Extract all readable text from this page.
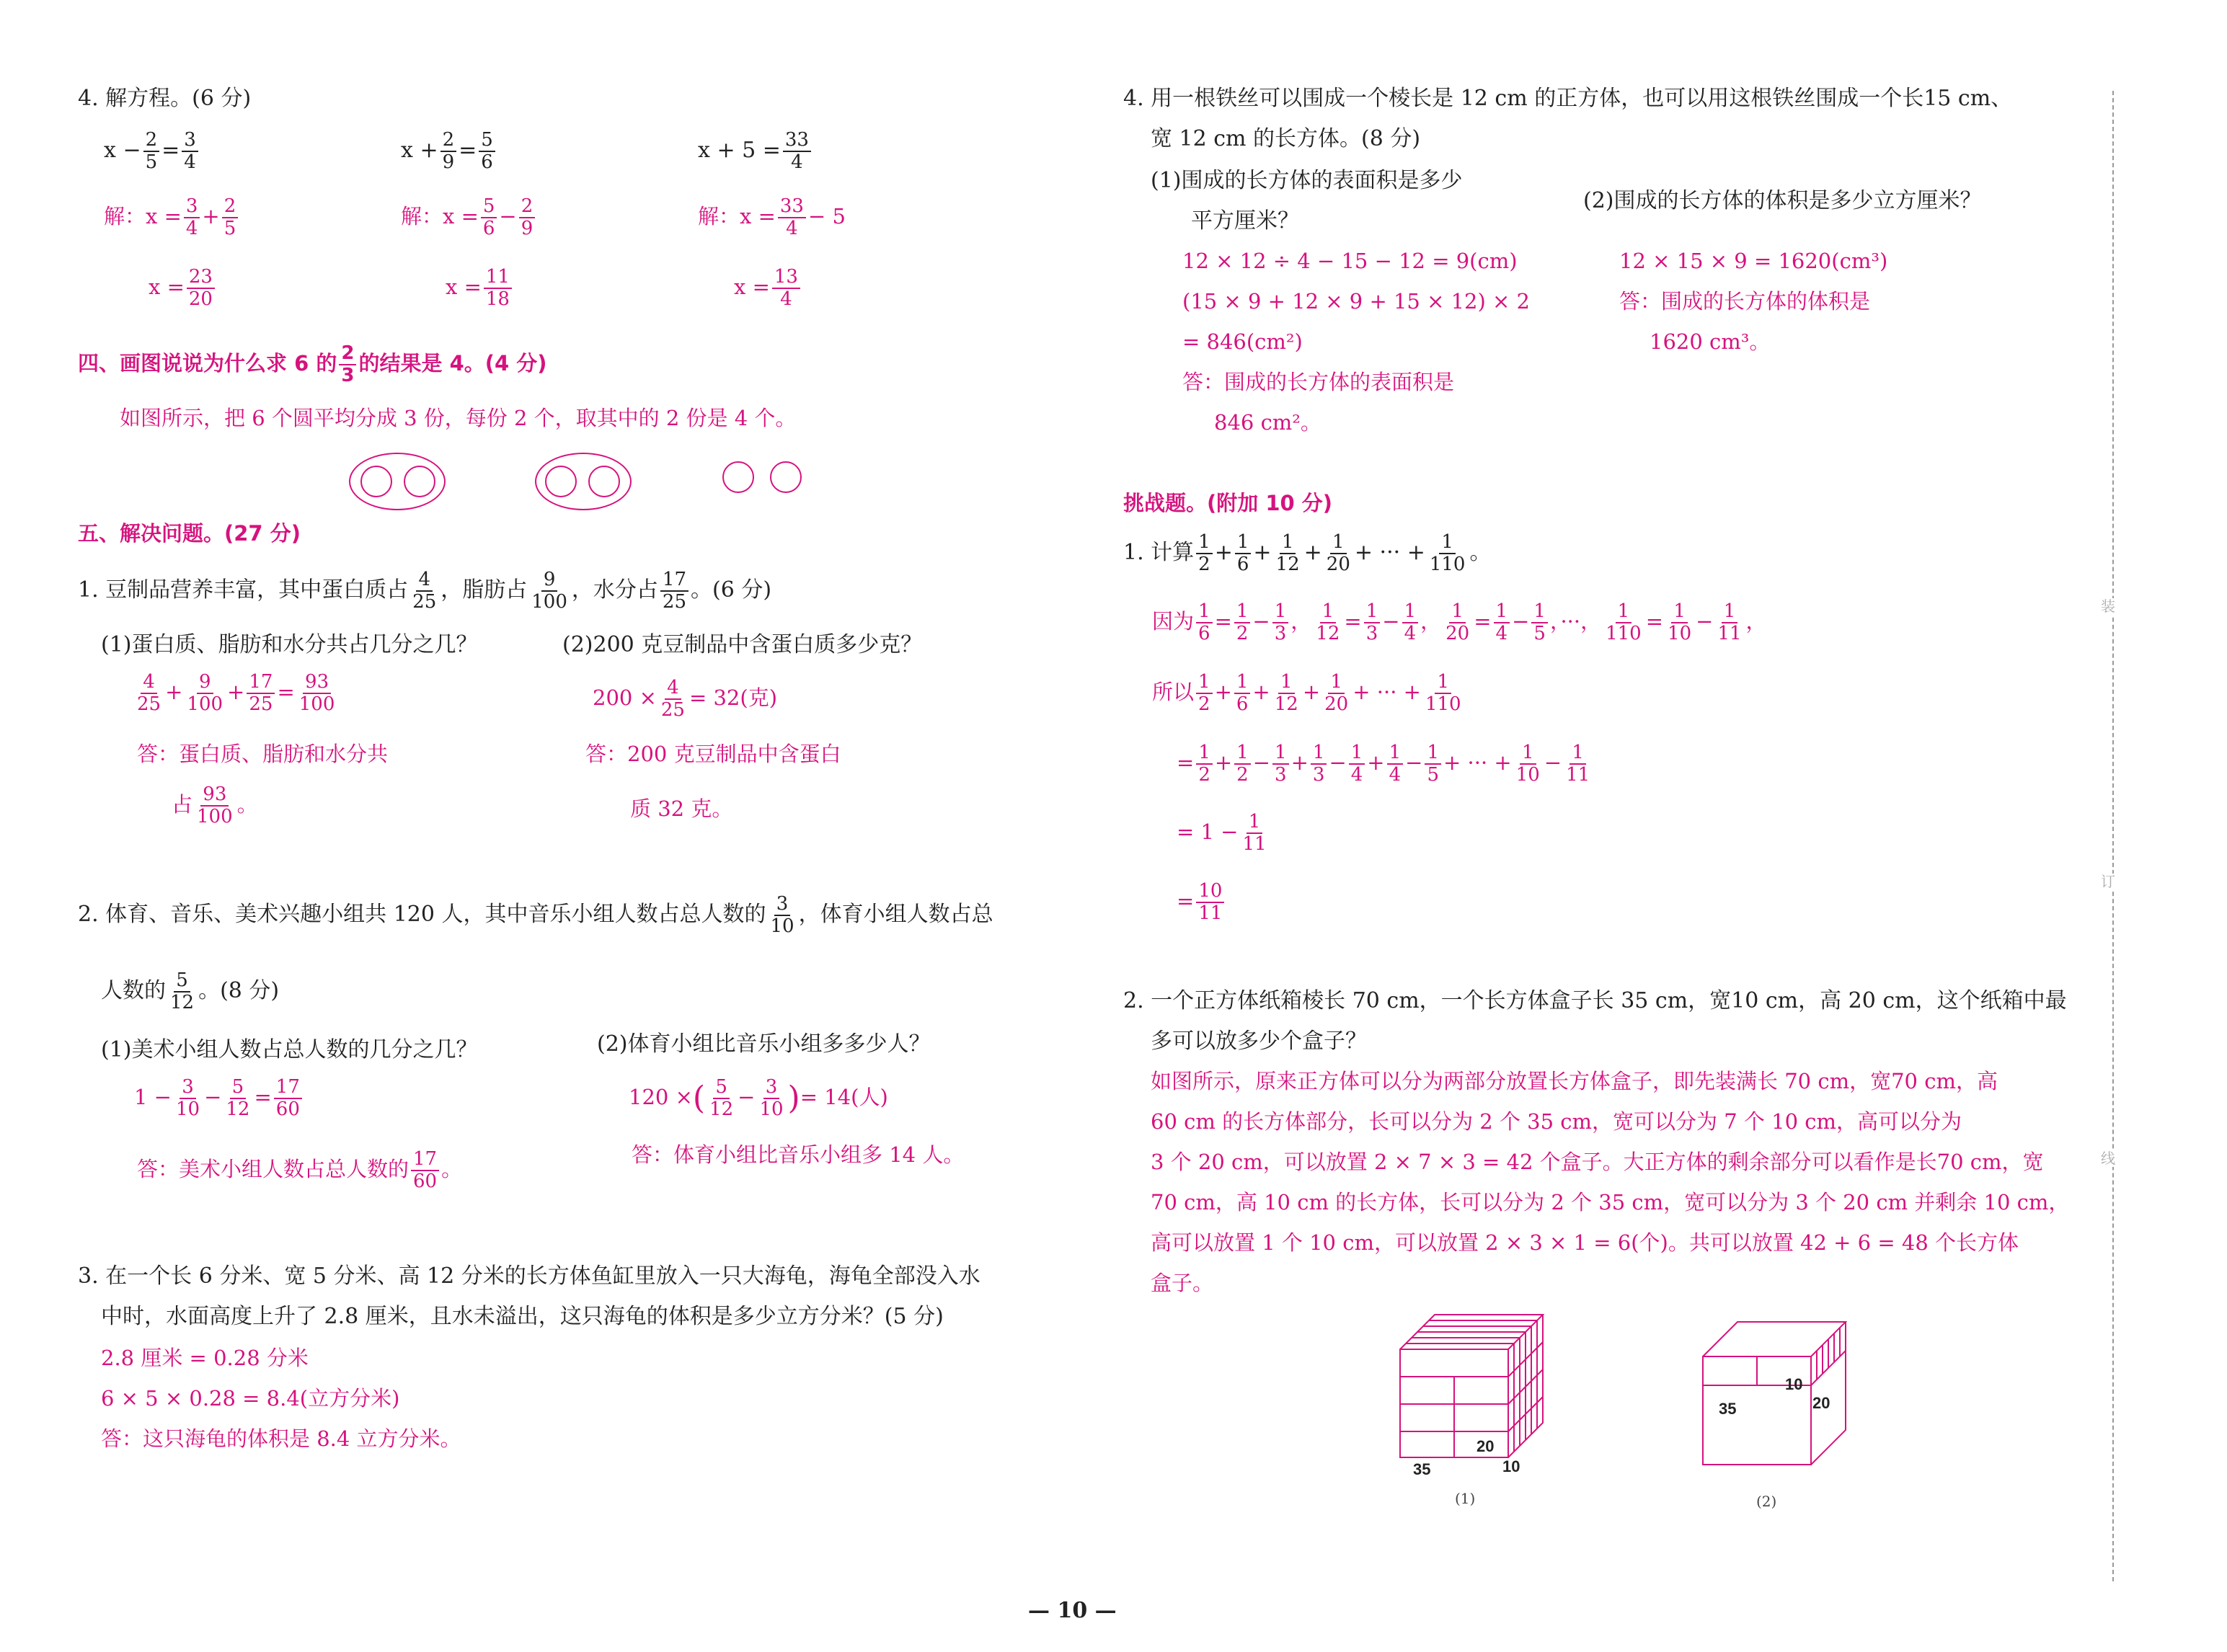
4. 解方程。(6 分)
$x - \frac{2}{5} = \frac{3}{4}$
解：$x = \frac{3}{4} + \frac{2}{5}$
$x = \frac{23}{20}$
$x + \frac{2}{9} = \frac{5}{6}$
解：$x = \frac{5}{6} - \frac{2}{9}$
$x = \frac{11}{18}$
$x + 5 = \frac{33}{4}$
解：$x = \frac{33}{4} - 5$
$x = \frac{13}{4}$
四、画图说说为什么求 6 的 $\frac{2}{3}$ 的结果是 4。(4 分)
如图所示，把 6 个圆平均分成 3 份，每份 2 个，取其中的 2 份是 4 个。
五、解决问题。(27 分)
1. 豆制品营养丰富，其中蛋白质占 $\frac{4}{25}$ ，脂肪占 $\frac{9}{100}$ ，水分占 $\frac{17}{25}$ 。(6 分)
(1)蛋白质、脂肪和水分共占几分之几？	(2)200 克豆制品中含蛋白质多少克？
$\frac{4}{25} + \frac{9}{100} + \frac{17}{25} = \frac{93}{100}$
答：蛋白质、脂肪和水分共
占 $\frac{93}{100}$ 。
$200 \times \frac{4}{25} = 32$(克)
答：200 克豆制品中含蛋白
质 32 克。
2. 体育、音乐、美术兴趣小组共 120 人，其中音乐小组人数占总人数的 $\frac{3}{10}$ ，体育小组人数占总
人数的 $\frac{5}{12}$ 。(8 分)
(1)美术小组人数占总人数的几分之几？	(2)体育小组比音乐小组多多少人？
$1 - \frac{3}{10} - \frac{5}{12} = \frac{17}{60}$
答：美术小组人数占总人数的 $\frac{17}{60}$ 。
120 ×( $\frac{5}{12} - \frac{3}{10}$ )= 14(人)
答：体育小组比音乐小组多 14 人。
3. 在一个长 6 分米、宽 5 分米、高 12 分米的长方体鱼缸里放入一只大海龟，海龟全部没入水
中时，水面高度上升了 2.8 厘米，且水未溢出，这只海龟的体积是多少立方分米？(5 分)
2.8 厘米 = 0.28 分米
6 × 5 × 0.28 = 8.4(立方分米)
答：这只海龟的体积是 8.4 立方分米。
4. 用一根铁丝可以围成一个棱长是 12 cm 的正方体，也可以用这根铁丝围成一个长15 cm、
宽 12 cm 的长方体。(8 分)
(1)围成的长方体的表面积是多少
平方厘米？
(2)围成的长方体的体积是多少立方厘米？
12 × 12 ÷ 4 − 15 − 12 = 9(cm)
(15 × 9 + 12 × 9 + 15 × 12) × 2
= 846(cm²)
答：围成的长方体的表面积是
846 cm²。
12 × 15 × 9 = 1620(cm³)
答：围成的长方体的体积是
1620 cm³。
挑战题。(附加 10 分)
1. 计算 $\frac{1}{2} + \frac{1}{6} + \frac{1}{12} + \frac{1}{20}$ + ··· + $\frac{1}{110}$ 。
因为 $\frac{1}{6} = \frac{1}{2} - \frac{1}{3}$ ， $\frac{1}{12} = \frac{1}{3} - \frac{1}{4}$ ， $\frac{1}{20} = \frac{1}{4} - \frac{1}{5}$ ，···， $\frac{1}{110} = \frac{1}{10} - \frac{1}{11}$ ，
所以 $\frac{1}{2} + \frac{1}{6} + \frac{1}{12} + \frac{1}{20}$ + ··· + $\frac{1}{110}$
= $\frac{1}{2} + \frac{1}{2} - \frac{1}{3} + \frac{1}{3} - \frac{1}{4} + \frac{1}{4} - \frac{1}{5}$ + ··· + $\frac{1}{10} - \frac{1}{11}$
= $1 - \frac{1}{11}$
= $\frac{10}{11}$
2. 一个正方体纸箱棱长 70 cm，一个长方体盒子长 35 cm，宽10 cm，高 20 cm，这个纸箱中最
多可以放多少个盒子？
如图所示，原来正方体可以分为两部分放置长方体盒子，即先装满长 70 cm，宽70 cm，高
60 cm 的长方体部分，长可以分为 2 个 35 cm，宽可以分为 7 个 10 cm，高可以分为
3 个 20 cm，可以放置 2 × 7 × 3 = 42 个盒子。大正方体的剩余部分可以看作是长70 cm，宽
70 cm，高 10 cm 的长方体，长可以分为 2 个 35 cm，宽可以分为 3 个 20 cm 并剩余 10 cm，
高可以放置 1 个 10 cm，可以放置 2 × 3 × 1 = 6(个)。共可以放置 42 + 6 = 48 个长方体
盒子。
35
20
10
(1)
10
35	20
(2)
装
订
线
— 10 —
